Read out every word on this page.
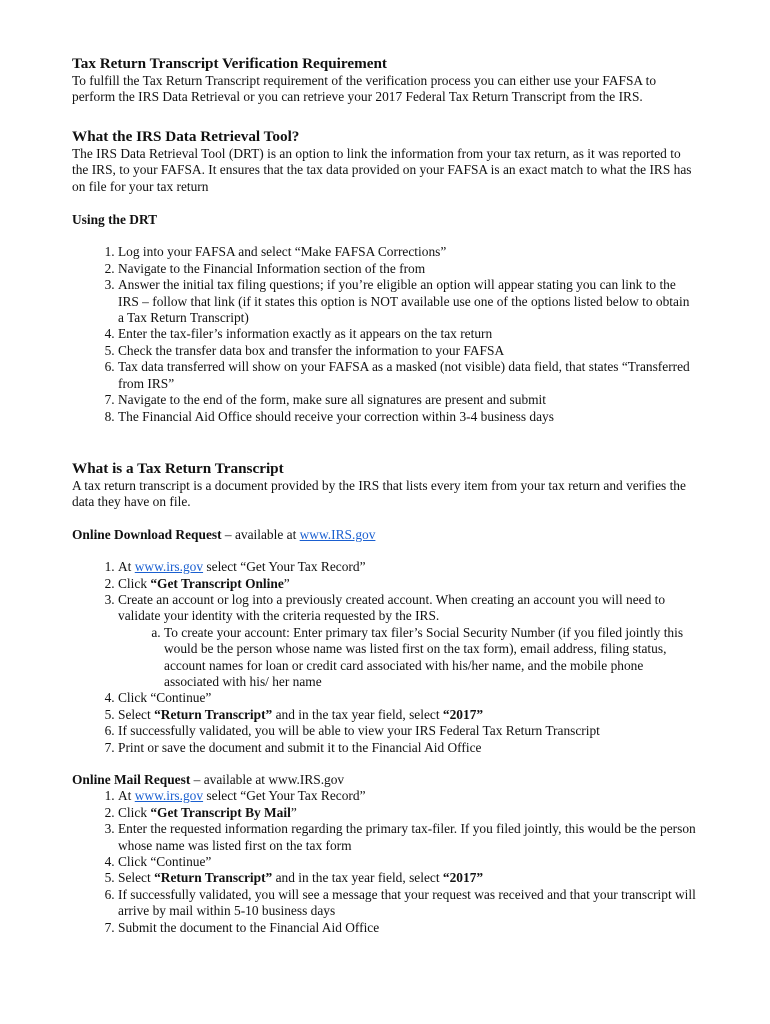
Tax Return Transcript Verification Requirement

To fulfill the Tax Return Transcript requirement of the verification process you can either use your FAFSA to perform the IRS Data Retrieval or you can retrieve your 2017 Federal Tax Return Transcript from the IRS.

What the IRS Data Retrieval Tool?

The IRS Data Retrieval Tool (DRT) is an option to link the information from your tax return, as it was reported to the IRS, to your FAFSA. It ensures that the tax data provided on your FAFSA is an exact match to what the IRS has on file for your tax return

Using the DRT

1. Log into your FAFSA and select “Make FAFSA Corrections”
2. Navigate to the Financial Information section of the from
3. Answer the initial tax filing questions; if you’re eligible an option will appear stating you can link to the IRS – follow that link (if it states this option is NOT available use one of the options listed below to obtain a Tax Return Transcript)
4. Enter the tax-filer’s information exactly as it appears on the tax return
5. Check the transfer data box and transfer the information to your FAFSA
6. Tax data transferred will show on your FAFSA as a masked (not visible) data field, that states “Transferred from IRS”
7. Navigate to the end of the form, make sure all signatures are present and submit
8. The Financial Aid Office should receive your correction within 3-4 business days
What is a Tax Return Transcript

A tax return transcript is a document provided by the IRS that lists every item from your tax return and verifies the data they have on file.

Online Download Request – available at www.IRS.gov

1. At www.irs.gov select “Get Your Tax Record”
2. Click “Get Transcript Online”
3. Create an account or log into a previously created account. When creating an account you will need to validate your identity with the criteria requested by the IRS.
a. To create your account: Enter primary tax filer’s Social Security Number (if you filed jointly this would be the person whose name was listed first on the tax form), email address, filing status, account names for loan or credit card associated with his/her name, and the mobile phone associated with his/ her name
4. Click “Continue”
5. Select “Return Transcript” and in the tax year field, select “2017”
6. If successfully validated, you will be able to view your IRS Federal Tax Return Transcript
7. Print or save the document and submit it to the Financial Aid Office

Online Mail Request – available at www.IRS.gov

1. At www.irs.gov select “Get Your Tax Record”
2. Click “Get Transcript By Mail”
3. Enter the requested information regarding the primary tax-filer. If you filed jointly, this would be the person whose name was listed first on the tax form
4. Click “Continue”
5. Select “Return Transcript” and in the tax year field, select “2017”
6. If successfully validated, you will see a message that your request was received and that your transcript will arrive by mail within 5-10 business days
7. Submit the document to the Financial Aid Office
